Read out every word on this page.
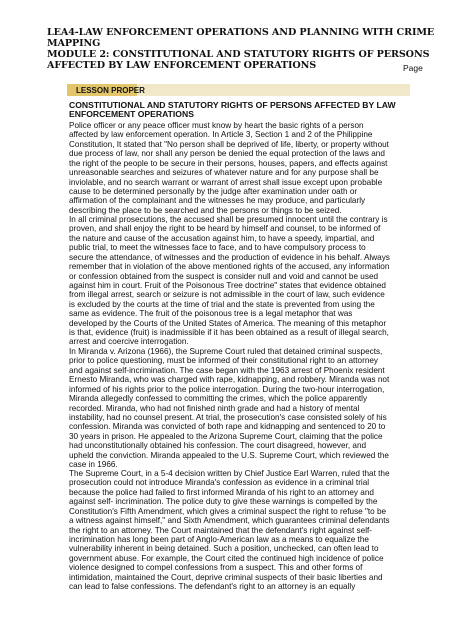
LEA4-LAW ENFORCEMENT OPERATIONS AND PLANNING WITH CRIME
MAPPING
MODULE 2: CONSTITUTIONAL AND STATUTORY RIGHTS OF PERSONS
AFFECTED BY LAW ENFORCEMENT OPERATIONS	Page
LESSON PROPER
CONSTITUTIONAL AND STATUTORY RIGHTS OF PERSONS AFFECTED BY LAW
ENFORCEMENT OPERATIONS
Police officer or any peace officer must know by heart the basic rights of a person
affected by law enforcement operation. In Article 3, Section 1 and 2 of the Philippine
Constitution, It stated that "No person shall be deprived of life, liberty, or property without
due process of law, nor shall any person be denied the equal protection of the laws and
the right of the people to be secure in their persons, houses, papers, and effects against
unreasonable searches and seizures of whatever nature and for any purpose shall be
inviolable, and no search warrant or warrant of arrest shall issue except upon probable
cause to be determined personally by the judge after examination under oath or
affirmation of the complainant and the witnesses he may produce, and particularly
describing the place to be searched and the persons or things to be seized.
In all criminal prosecutions, the accused shall be presumed innocent until the contrary is
proven, and shall enjoy the right to be heard by himself and counsel, to be informed of
the nature and cause of the accusation against him, to have a speedy, impartial, and
public trial, to meet the witnesses face to face, and to have compulsory process to
secure the attendance, of witnesses and the production of evidence in his behalf. Always
remember that in violation of the above mentioned rights of the accused, any information
or confession obtained from the suspect is consider null and void and cannot be used
against him in court. Fruit of the Poisonous Tree doctrine" states that evidence obtained
from illegal arrest, search or seizure is not admissible in the court of law, such evidence
is excluded by the courts at the time of trial and the state is prevented from using the
same as evidence. The fruit of the poisonous tree is a legal metaphor that was
developed by the Courts of the United States of America. The meaning of this metaphor
is that, evidence (fruit) is inadmissible if it has been obtained as a result of illegal search,
arrest and coercive interrogation.
In Miranda v. Arizona (1966), the Supreme Court ruled that detained criminal suspects,
prior to police questioning, must be informed of their constitutional right to an attorney
and against self-incrimination. The case began with the 1963 arrest of Phoenix resident
Ernesto Miranda, who was charged with rape, kidnapping, and robbery. Miranda was not
informed of his rights prior to the police interrogation. During the two-hour interrogation,
Miranda allegedly confessed to committing the crimes, which the police apparently
recorded. Miranda, who had not finished ninth grade and had a history of mental
instability, had no counsel present. At trial, the prosecution's case consisted solely of his
confession. Miranda was convicted of both rape and kidnapping and sentenced to 20 to
30 years in prison. He appealed to the Arizona Supreme Court, claiming that the police
had unconstitutionally obtained his confession. The court disagreed, however, and
upheld the conviction. Miranda appealed to the U.S. Supreme Court, which reviewed the
case in 1966.
The Supreme Court, in a 5-4 decision written by Chief Justice Earl Warren, ruled that the
prosecution could not introduce Miranda's confession as evidence in a criminal trial
because the police had failed to first informed Miranda of his right to an attorney and
against self- incrimination. The police duty to give these warnings is compelled by the
Constitution's Fifth Amendment, which gives a criminal suspect the right to refuse "to be
a witness against himself," and Sixth Amendment, which guarantees criminal defendants
the right to an attorney. The Court maintained that the defendant's right against self-
incrimination has long been part of Anglo-American law as a means to equalize the
vulnerability inherent in being detained. Such a position, unchecked, can often lead to
government abuse. For example, the Court cited the continued high incidence of police
violence designed to compel confessions from a suspect. This and other forms of
intimidation, maintained the Court, deprive criminal suspects of their basic liberties and
can lead to false confessions. The defendant's right to an attorney is an equally
